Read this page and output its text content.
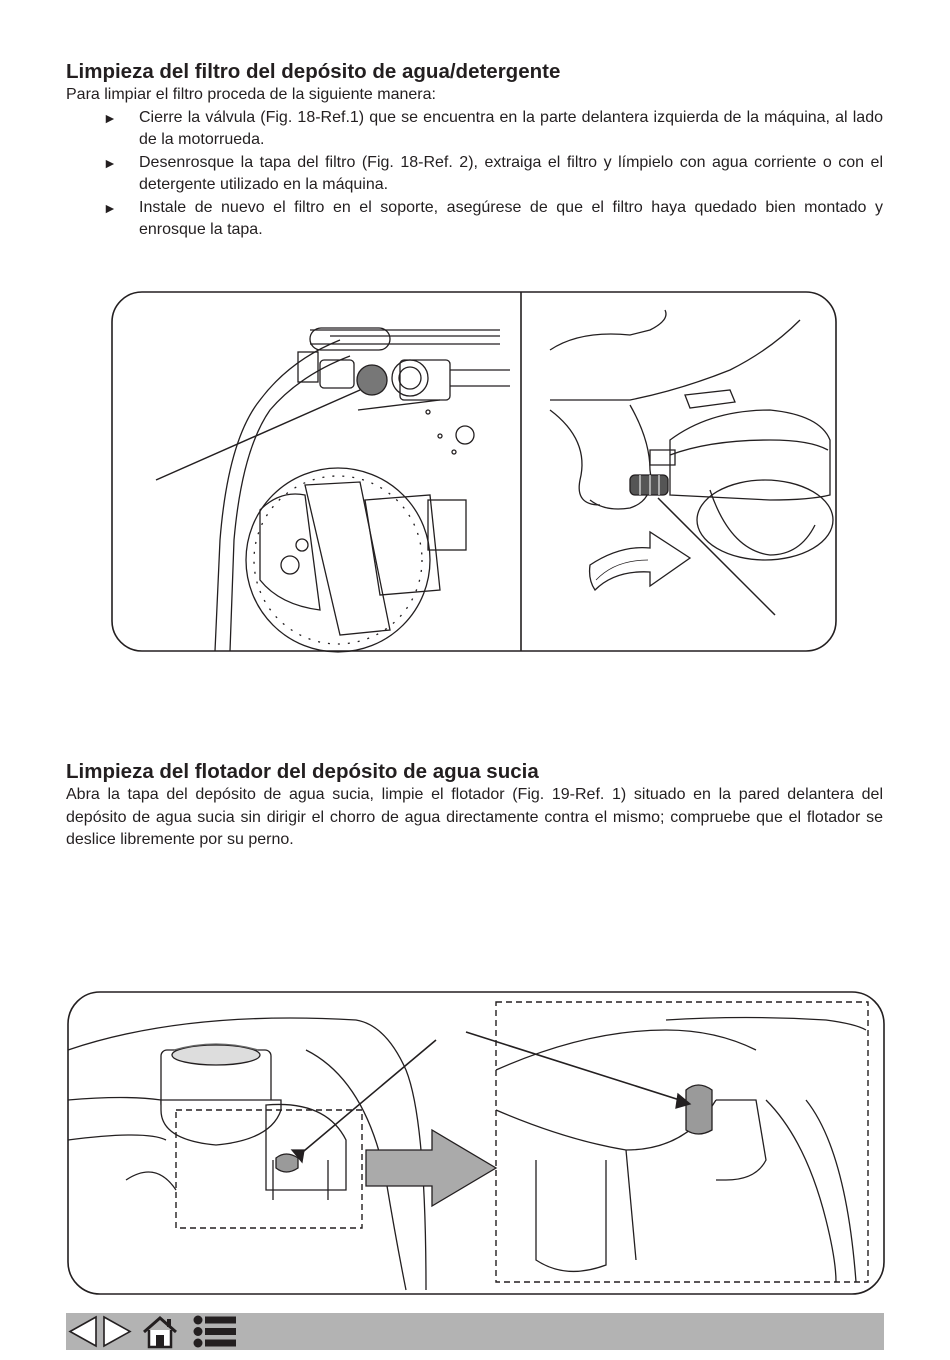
Limpieza del filtro del depósito de agua/detergente

Para limpiar el filtro proceda de la siguiente manera:

► Cierre la válvula (Fig. 18-Ref.1) que se encuentra en la parte delantera izquierda de la máquina, al lado de la motorrueda.
► Desenrosque la tapa del filtro (Fig. 18-Ref. 2), extraiga el filtro y límpielo con agua corriente o con el detergente utilizado en la máquina.
► Instale de nuevo el filtro en el soporte, asegúrese de que el filtro haya quedado bien montado y enrosque la tapa.
Limpieza del flotador del depósito de agua sucia

Abra la tapa del depósito de agua sucia, limpie el flotador (Fig. 19-Ref. 1) situado en la pared delantera del depósito de agua sucia sin dirigir el chorro de agua directamente contra el mismo; compruebe que el flotador se deslice libremente por su perno.
